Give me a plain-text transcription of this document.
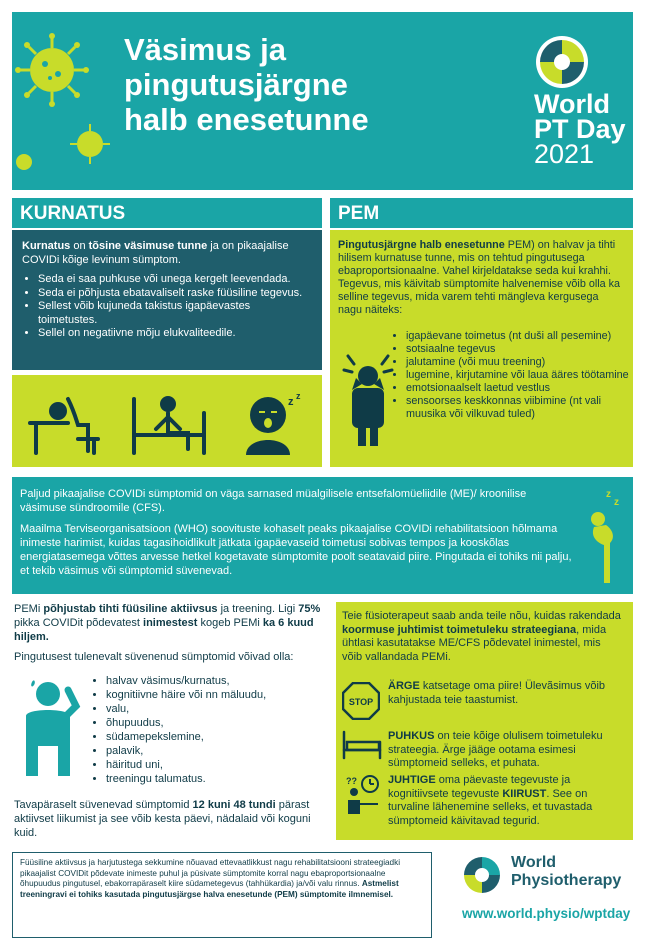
Väsimus ja
pingutusjärgne
halb enesetunne	World
PT Day
2021
KURNATUS
Kurnatus on tõsine väsimuse tunne ja on pikaajalise COVIDi kõige levinum sümptom.
• Seda ei saa puhkuse või unega kergelt leevendada.
• Seda ei põhjusta ebatavaliselt raske füüsiline tegevus.
• Sellest võib kujuneda takistus igapäevastes toimetustes.
• Sellel on negatiivne mõju elukvaliteedile.
z z
PEM
Pingutusjärgne halb enesetunne PEM) on halvav ja tihti hilisem kurnatuse tunne, mis on tehtud pingutusega ebaproportsionaalne. Vahel kirjeldatakse seda kui krahhi. Tegevus, mis käivitab sümptomite halvenemise võib olla ka selline tegevus, mida varem tehti mängleva kergusega nagu näiteks:
• igapäevane toimetus (nt duši all pesemine)
• sotsiaalne tegevus
• jalutamine (või muu treening)
• lugemine, kirjutamine või laua ääres töötamine
• emotsionaalselt laetud vestlus
• sensoorses keskkonnas viibimine (nt vali muusika või vilkuvad tuled)
Paljud pikaajalise COVIDi sümptomid on väga sarnased müalgilisele entsefalomüeliidile (ME)/ kroonilise väsimuse sündroomile (CFS).
Maailma Terviseorganisatsioon (WHO) soovituste kohaselt peaks pikaajalise COVIDi rehabilitatsioon hõlmama inimeste harimist, kuidas tagasihoidlikult jätkata igapäevaseid toimetusi sobivas tempos ja kooskõlas energiatasemega võttes arvesse hetkel kogetavate sümptomite poolt seatavaid piire. Pingutada ei tohiks nii palju, et tekib väsimus või sümptomid süvenevad.
z
z
PEMi põhjustab tihti füüsiline aktiivsus ja treening. Ligi 75% pikka COVIDit põdevatest inimestest kogeb PEMi ka 6 kuud hiljem.
Pingutusest tulenevalt süvenenud sümptomid võivad olla:
• halvav väsimus/kurnatus,
• kognitiivne häire või nn mäluudu,
• valu,
• õhupuudus,
• südamepekslemine,
• palavik,
• häiritud uni,
• treeningu talumatus.
Tavapäraselt süvenevad sümptomid 12 kuni 48 tundi pärast aktiivset liikumist ja see võib kesta päevi, nädalaid või koguni kuid.
Teie füsioterapeut saab anda teile nõu, kuidas rakendada koormuse juhtimist toimetuleku strateegiana, mida ühtlasi kasutatakse ME/CFS põdevatel inimestel, mis võib vallandada PEMi.
STOP
ÄRGE katsetage oma piire! Ülevãsimus võib kahjustada teie taastumist.
PUHKUS on teie kõige olulisem toimetuleku strateegia. Ärge jääge ootama esimesi sümptomeid selleks, et puhata.
??	JUHTIGE oma päevaste tegevuste ja kognitiivsete tegevuste KIIRUST. See on turvaline lähenemine selleks, et tuvastada sümptomeid käivitavad tegurid.
Füüsiline aktiivsus ja harjutustega sekkumine nõuavad ettevaatlikkust nagu rehabilitatsiooni strateegiadki pikaajalist COVIDit põdevate inimeste puhul ja püsivate sümptomite korral nagu ebaproportsionaalne õhupuudus pingutusel, ebakorrapäraselt kiire südametegevus (tahhükardia) ja/või valu rinnus. Astmelist treeningravi ei tohiks kasutada pingutusjärgse halva enesetunde (PEM) sümptomite ilmnemisel.
World
Physiotherapy
www.world.physio/wptday
